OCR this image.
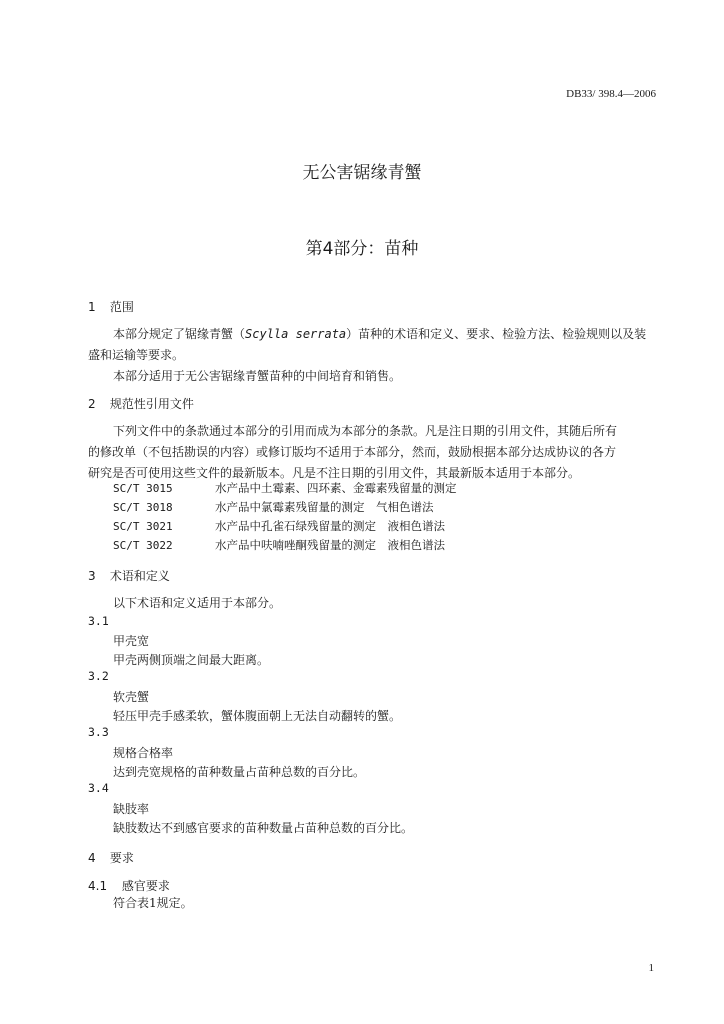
DB33/ 398.4—2006
无公害锯缘青蟹
第4部分：苗种
1 范围
本部分规定了锯缘青蟹（Scylla serrata）苗种的术语和定义、要求、检验方法、检验规则以及装
盛和运输等要求。
本部分适用于无公害锯缘青蟹苗种的中间培育和销售。
2 规范性引用文件
下列文件中的条款通过本部分的引用而成为本部分的条款。凡是注日期的引用文件，其随后所有
的修改单（不包括勘误的内容）或修订版均不适用于本部分，然而，鼓励根据本部分达成协议的各方
研究是否可使用这些文件的最新版本。凡是不注日期的引用文件，其最新版本适用于本部分。
SC/T 3015	水产品中土霉素、四环素、金霉素残留量的测定
SC/T 3018	水产品中氯霉素残留量的测定　气相色谱法
SC/T 3021	水产品中孔雀石绿残留量的测定　液相色谱法
SC/T 3022	水产品中呋喃唑酮残留量的测定　液相色谱法
3 术语和定义
以下术语和定义适用于本部分。
3.1
甲壳宽
甲壳两侧顶端之间最大距离。
3.2
软壳蟹
轻压甲壳手感柔软，蟹体腹面朝上无法自动翻转的蟹。
3.3
规格合格率
达到壳宽规格的苗种数量占苗种总数的百分比。
3.4
缺肢率
缺肢数达不到感官要求的苗种数量占苗种总数的百分比。
4 要求
4.1 感官要求
符合表1规定。
1
